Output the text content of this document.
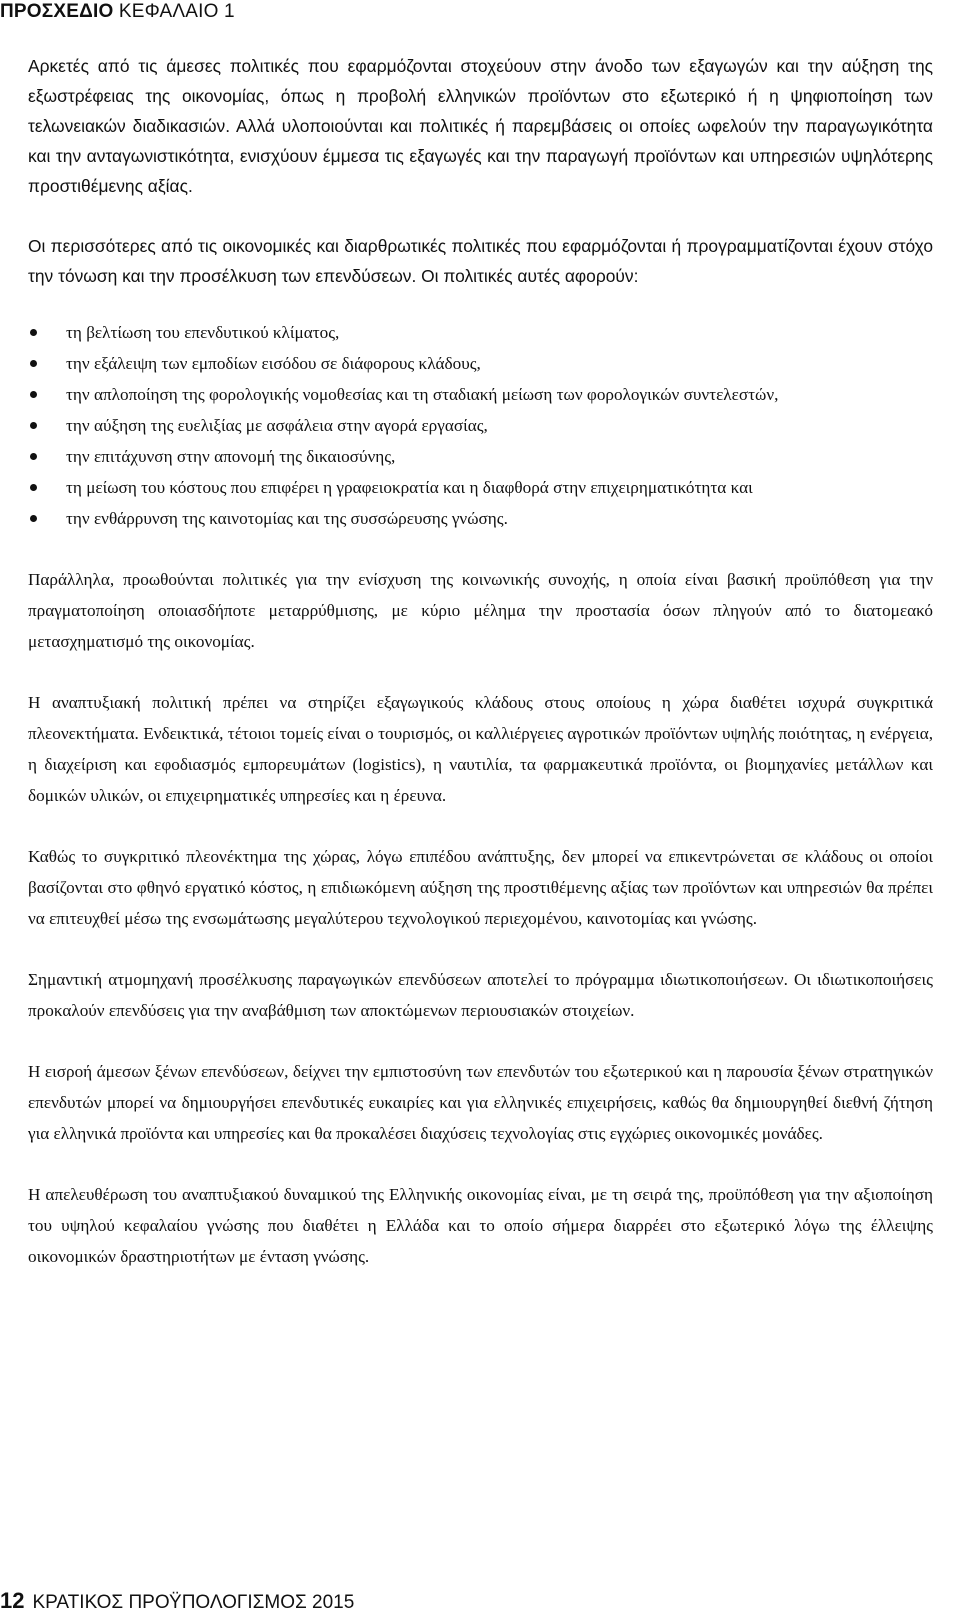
ΠΡΟΣΧΕΔΙΟ ΚΕΦΑΛΑΙΟ 1

Αρκετές από τις άμεσες πολιτικές που εφαρμόζονται στοχεύουν στην άνοδο των εξαγωγών και την αύξηση της εξωστρέφειας της οικονομίας, όπως η προβολή ελληνικών προϊόντων στο εξωτερικό ή η ψηφιοποίηση των τελωνειακών διαδικασιών. Αλλά υλοποιούνται και πολιτικές ή παρεμβάσεις οι οποίες ωφελούν την παραγωγικότητα και την ανταγωνιστικότητα, ενισχύουν έμμεσα τις εξαγωγές και την παραγωγή προϊόντων και υπηρεσιών υψηλότερης προστιθέμενης αξίας.

Οι περισσότερες από τις οικονομικές και διαρθρωτικές πολιτικές που εφαρμόζονται ή προγραμματίζονται έχουν στόχο την τόνωση και την προσέλκυση των επενδύσεων. Οι πολιτικές αυτές αφορούν:

τη βελτίωση του επενδυτικού κλίματος,
την εξάλειψη των εμποδίων εισόδου σε διάφορους κλάδους,
την απλοποίηση της φορολογικής νομοθεσίας και τη σταδιακή μείωση των φορολογικών συντελεστών,
την αύξηση της ευελιξίας με ασφάλεια στην αγορά εργασίας,
την επιτάχυνση στην απονομή της δικαιοσύνης,
τη μείωση του κόστους που επιφέρει η γραφειοκρατία και η διαφθορά στην επιχειρηματικότητα και
την ενθάρρυνση της καινοτομίας και της συσσώρευσης γνώσης.

Παράλληλα, προωθούνται πολιτικές για την ενίσχυση της κοινωνικής συνοχής, η οποία είναι βασική προϋπόθεση για την πραγματοποίηση οποιασδήποτε μεταρρύθμισης, με κύριο μέλημα την προστασία όσων πληγούν από το διατομεακό μετασχηματισμό της οικονομίας.

Η αναπτυξιακή πολιτική πρέπει να στηρίζει εξαγωγικούς κλάδους στους οποίους η χώρα διαθέτει ισχυρά συγκριτικά πλεονεκτήματα. Ενδεικτικά, τέτοιοι τομείς είναι ο τουρισμός, οι καλλιέργειες αγροτικών προϊόντων υψηλής ποιότητας, η ενέργεια, η διαχείριση και εφοδιασμός εμπορευμάτων (logistics), η ναυτιλία, τα φαρμακευτικά προϊόντα, οι βιομηχανίες μετάλλων και δομικών υλικών, οι επιχειρηματικές υπηρεσίες και η έρευνα.

Καθώς το συγκριτικό πλεονέκτημα της χώρας, λόγω επιπέδου ανάπτυξης, δεν μπορεί να επικεντρώνεται σε κλάδους οι οποίοι βασίζονται στο φθηνό εργατικό κόστος, η επιδιωκόμενη αύξηση της προστιθέμενης αξίας των προϊόντων και υπηρεσιών θα πρέπει να επιτευχθεί μέσω της ενσωμάτωσης μεγαλύτερου τεχνολογικού περιεχομένου, καινοτομίας και γνώσης.

Σημαντική ατμομηχανή προσέλκυσης παραγωγικών επενδύσεων αποτελεί το πρόγραμμα ιδιωτικοποιήσεων. Οι ιδιωτικοποιήσεις προκαλούν επενδύσεις για την αναβάθμιση των αποκτώμενων περιουσιακών στοιχείων.

Η εισροή άμεσων ξένων επενδύσεων, δείχνει την εμπιστοσύνη των επενδυτών του εξωτερικού και η παρουσία ξένων στρατηγικών επενδυτών μπορεί να δημιουργήσει επενδυτικές ευκαιρίες και για ελληνικές επιχειρήσεις, καθώς θα δημιουργηθεί διεθνή ζήτηση για ελληνικά προϊόντα και υπηρεσίες και θα προκαλέσει διαχύσεις τεχνολογίας στις εγχώριες οικονομικές μονάδες.

Η απελευθέρωση του αναπτυξιακού δυναμικού της Ελληνικής οικονομίας είναι, με τη σειρά της, προϋπόθεση για την αξιοποίηση του υψηλού κεφαλαίου γνώσης που διαθέτει η Ελλάδα και το οποίο σήμερα διαρρέει στο εξωτερικό λόγω της έλλειψης οικονομικών δραστηριοτήτων με ένταση γνώσης.

12 ΚΡΑΤΙΚΟΣ ΠΡΟΫΠΟΛΟΓΙΣΜΟΣ 2015
